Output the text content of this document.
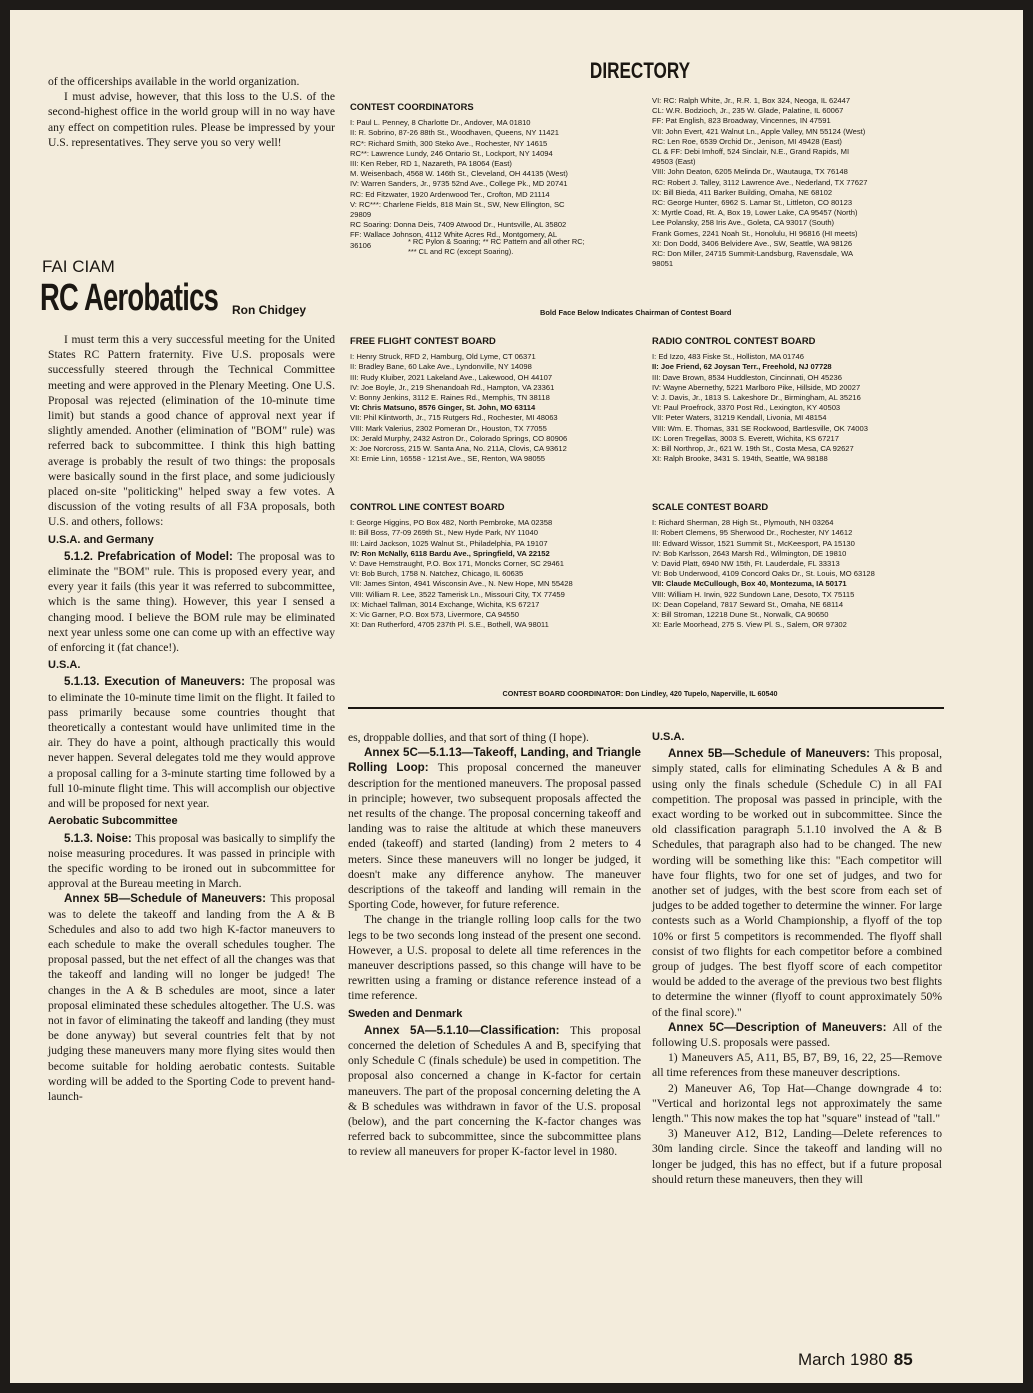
of the officerships available in the world organization.

I must advise, however, that this loss to the U.S. of the second-highest office in the world group will in no way have any effect on competition rules. Please be impressed by your U.S. representatives. They serve you so very well!

FAI CIAM
RC Aerobatics Ron Chidgey

I must term this a very successful meeting for the United States RC Pattern fraternity. Five U.S. proposals were successfully steered through the Technical Committee meeting and were approved in the Plenary Meeting. One U.S. Proposal was rejected (elimination of the 10-minute time limit) but stands a good chance of approval next year if slightly amended. Another (elimination of "BOM" rule) was referred back to subcommittee. I think this high batting average is probably the result of two things: the proposals were basically sound in the first place, and some judiciously placed on-site "politicking" helped sway a few votes. A discussion of the voting results of all F3A proposals, both U.S. and others, follows:

U.S.A. and Germany

5.1.2. Prefabrication of Model: The proposal was to eliminate the "BOM" rule. This is proposed every year, and every year it fails (this year it was referred to subcommittee, which is the same thing). However, this year I sensed a changing mood. I believe the BOM rule may be eliminated next year unless some one can come up with an effective way of enforcing it (fat chance!).

U.S.A.

5.1.13. Execution of Maneuvers: The proposal was to eliminate the 10-minute time limit on the flight. It failed to pass primarily because some countries thought that theoretically a contestant would have unlimited time in the air. They do have a point, although practically this would never happen. Several delegates told me they would approve a proposal calling for a 3-minute starting time followed by a full 10-minute flight time. This will accomplish our objective and will be proposed for next year.

Aerobatic Subcommittee

5.1.3. Noise: This proposal was basically to simplify the noise measuring procedures. It was passed in principle with the specific wording to be ironed out in subcommittee for approval at the Bureau meeting in March.

Annex 5B—Schedule of Maneuvers: This proposal was to delete the takeoff and landing from the A & B Schedules and also to add two high K-factor maneuvers to each schedule to make the overall schedules tougher. The proposal passed, but the net effect of all the changes was that the takeoff and landing will no longer be judged! The changes in the A & B schedules are moot, since a later proposal eliminated these schedules altogether. The U.S. was not in favor of eliminating the takeoff and landing (they must be done anyway) but several countries felt that by not judging these maneuvers many more flying sites would then become suitable for holding aerobatic contests. Suitable wording will be added to the Sporting Code to prevent hand-launch-

DIRECTORY
CONTEST COORDINATORS
I: Paul L. Penney, 8 Charlotte Dr., Andover, MA 01810
II: R. Sobrino, 87-26 88th St., Woodhaven, Queens, NY 11421
RC*: Richard Smith, 300 Steko Ave., Rochester, NY 14615
RC**: Lawrence Lundy, 246 Ontario St., Lockport, NY 14094
III: Ken Reber, RD 1, Nazareth, PA 18064 (East)
M. Weisenbach, 4568 W. 146th St., Cleveland, OH 44135 (West)
IV: Warren Sanders, Jr., 9735 52nd Ave., College Pk., MD 20741
RC: Ed Fitzwater, 1920 Ardenwood Ter., Crofton, MD 21114
V: RC***: Charlene Fields, 818 Main St., SW, New Ellington, SC
29809
RC Soaring: Donna Deis, 7409 Atwood Dr., Huntsville, AL 35802
FF: Wallace Johnson, 4112 White Acres Rd., Montgomery, AL
36106	* RC Pylon & Soaring; ** RC Pattern and all other RC;
*** CL and RC (except Soaring).
VI: RC: Ralph White, Jr., R.R. 1, Box 324, Neoga, IL 62447
CL: W.R. Bodzioch, Jr., 235 W. Glade, Palatine, IL 60067
FF: Pat English, 823 Broadway, Vincennes, IN 47591
VII: John Evert, 421 Walnut Ln., Apple Valley, MN 55124 (West)
RC: Len Roe, 6539 Orchid Dr., Jenison, MI 49428 (East)
CL & FF: Debi Imhoff, 524 Sinclair, N.E., Grand Rapids, MI
49503 (East)
VIII: John Deaton, 6205 Melinda Dr., Wautauga, TX 76148
RC: Robert J. Talley, 3112 Lawrence Ave., Nederland, TX 77627
IX: Bill Bieda, 411 Barker Building, Omaha, NE 68102
RC: George Hunter, 6962 S. Lamar St., Littleton, CO 80123
X: Myrtle Coad, Rt. A, Box 19, Lower Lake, CA 95457 (North)
Lee Polansky, 258 Iris Ave., Goleta, CA 93017 (South)
Frank Gomes, 2241 Noah St., Honolulu, HI 96816 (HI meets)
XI: Don Dodd, 3406 Belvidere Ave., SW, Seattle, WA 98126
RC: Don Miller, 24715 Summit-Landsburg, Ravensdale, WA
98051
Bold Face Below Indicates Chairman of Contest Board
FREE FLIGHT CONTEST BOARD
I: Henry Struck, RFD 2, Hamburg, Old Lyme, CT 06371
II: Bradley Bane, 60 Lake Ave., Lyndonville, NY 14098
III: Rudy Kluiber, 2021 Lakeland Ave., Lakewood, OH 44107
IV: Joe Boyle, Jr., 219 Shenandoah Rd., Hampton, VA 23361
V: Bonny Jenkins, 3112 E. Raines Rd., Memphis, TN 38118
VI: Chris Matsuno, 8576 Ginger, St. John, MO 63114
VII: Phil Klintworth, Jr., 715 Rutgers Rd., Rochester, MI 48063
VIII: Mark Valerius, 2302 Pomeran Dr., Houston, TX 77055
IX: Jerald Murphy, 2432 Astron Dr., Colorado Springs, CO 80906
X: Joe Norcross, 215 W. Santa Ana, No. 211A, Clovis, CA 93612
XI: Ernie Linn, 16558 - 121st Ave., SE, Renton, WA 98055
RADIO CONTROL CONTEST BOARD
I: Ed Izzo, 483 Fiske St., Holliston, MA 01746
II: Joe Friend, 62 Joysan Terr., Freehold, NJ 07728
III: Dave Brown, 8534 Huddleston, Cincinnati, OH 45236
IV: Wayne Abernethy, 5221 Marlboro Pike, Hillside, MD 20027
V: J. Davis, Jr., 1813 S. Lakeshore Dr., Birmingham, AL 35216
VI: Paul Proefrock, 3370 Post Rd., Lexington, KY 40503
VII: Peter Waters, 31219 Kendall, Livonia, MI 48154
VIII: Wm. E. Thomas, 331 SE Rockwood, Bartlesville, OK 74003
IX: Loren Tregellas, 3003 S. Everett, Wichita, KS 67217
X: Bill Northrop, Jr., 621 W. 19th St., Costa Mesa, CA 92627
XI: Ralph Brooke, 3431 S. 194th, Seattle, WA 98188
CONTROL LINE CONTEST BOARD
I: George Higgins, PO Box 482, North Pembroke, MA 02358
II: Bill Boss, 77-09 269th St., New Hyde Park, NY 11040
III: Laird Jackson, 1025 Walnut St., Philadelphia, PA 19107
IV: Ron McNally, 6118 Bardu Ave., Springfield, VA 22152
V: Dave Hemstraught, P.O. Box 171, Moncks Corner, SC 29461
VI: Bob Burch, 1758 N. Natchez, Chicago, IL 60635
VII: James Sinton, 4941 Wisconsin Ave., N. New Hope, MN 55428
VIII: William R. Lee, 3522 Tamerisk Ln., Missouri City, TX 77459
IX: Michael Tallman, 3014 Exchange, Wichita, KS 67217
X: Vic Garner, P.O. Box 573, Livermore, CA 94550
XI: Dan Rutherford, 4705 237th Pl. S.E., Bothell, WA 98011
SCALE CONTEST BOARD
I: Richard Sherman, 28 High St., Plymouth, NH 03264
II: Robert Clemens, 95 Sherwood Dr., Rochester, NY 14612
III: Edward Wissor, 1521 Summit St., McKeesport, PA 15130
IV: Bob Karlsson, 2643 Marsh Rd., Wilmington, DE 19810
V: David Platt, 6940 NW 15th, Ft. Lauderdale, FL 33313
VI: Bob Underwood, 4109 Concord Oaks Dr., St. Louis, MO 63128
VII: Claude McCullough, Box 40, Montezuma, IA 50171
VIII: William H. Irwin, 922 Sundown Lane, Desoto, TX 75115
IX: Dean Copeland, 7817 Seward St., Omaha, NE 68114
X: Bill Stroman, 12218 Dune St., Norwalk, CA 90650
XI: Earle Moorhead, 275 S. View Pl. S., Salem, OR 97302
CONTEST BOARD COORDINATOR: Don Lindley, 420 Tupelo, Naperville, IL 60540

es, droppable dollies, and that sort of thing (I hope).

Annex 5C—5.1.13—Takeoff, Landing, and Triangle Rolling Loop: This proposal concerned the maneuver description for the mentioned maneuvers. The proposal passed in principle; however, two subsequent proposals affected the net results of the change. The proposal concerning takeoff and landing was to raise the altitude at which these maneuvers ended (takeoff) and started (landing) from 2 meters to 4 meters. Since these maneuvers will no longer be judged, it doesn't make any difference anyhow. The maneuver descriptions of the takeoff and landing will remain in the Sporting Code, however, for future reference.

The change in the triangle rolling loop calls for the two legs to be two seconds long instead of the present one second. However, a U.S. proposal to delete all time references in the maneuver descriptions passed, so this change will have to be rewritten using a framing or distance reference instead of a time reference.

Sweden and Denmark

Annex 5A—5.1.10—Classification: This proposal concerned the deletion of Schedules A and B, specifying that only Schedule C (finals schedule) be used in competition. The proposal also concerned a change in K-factor for certain maneuvers. The part of the proposal concerning deleting the A & B schedules was withdrawn in favor of the U.S. proposal (below), and the part concerning the K-factor changes was referred back to subcommittee, since the subcommittee plans to review all maneuvers for proper K-factor level in 1980.

U.S.A.

Annex 5B—Schedule of Maneuvers: This proposal, simply stated, calls for eliminating Schedules A & B and using only the finals schedule (Schedule C) in all FAI competition. The proposal was passed in principle, with the exact wording to be worked out in subcommittee. Since the old classification paragraph 5.1.10 involved the A & B Schedules, that paragraph also had to be changed. The new wording will be something like this: "Each competitor will have four flights, two for one set of judges, and two for another set of judges, with the best score from each set of judges to be added together to determine the winner. For large contests such as a World Championship, a flyoff of the top 10% or first 5 competitors is recommended. The flyoff shall consist of two flights for each competitor before a combined group of judges. The best flyoff score of each competitor would be added to the average of the previous two best flights to determine the winner (flyoff to count approximately 50% of the final score)."

Annex 5C—Description of Maneuvers: All of the following U.S. proposals were passed.

1) Maneuvers A5, A11, B5, B7, B9, 16, 22, 25—Remove all time references from these maneuver descriptions.

2) Maneuver A6, Top Hat—Change downgrade 4 to: "Vertical and horizontal legs not approximately the same length." This now makes the top hat "square" instead of "tall."

3) Maneuver A12, B12, Landing—Delete references to 30m landing circle. Since the takeoff and landing will no longer be judged, this has no effect, but if a future proposal should return these maneuvers, then they will

March 1980 85
